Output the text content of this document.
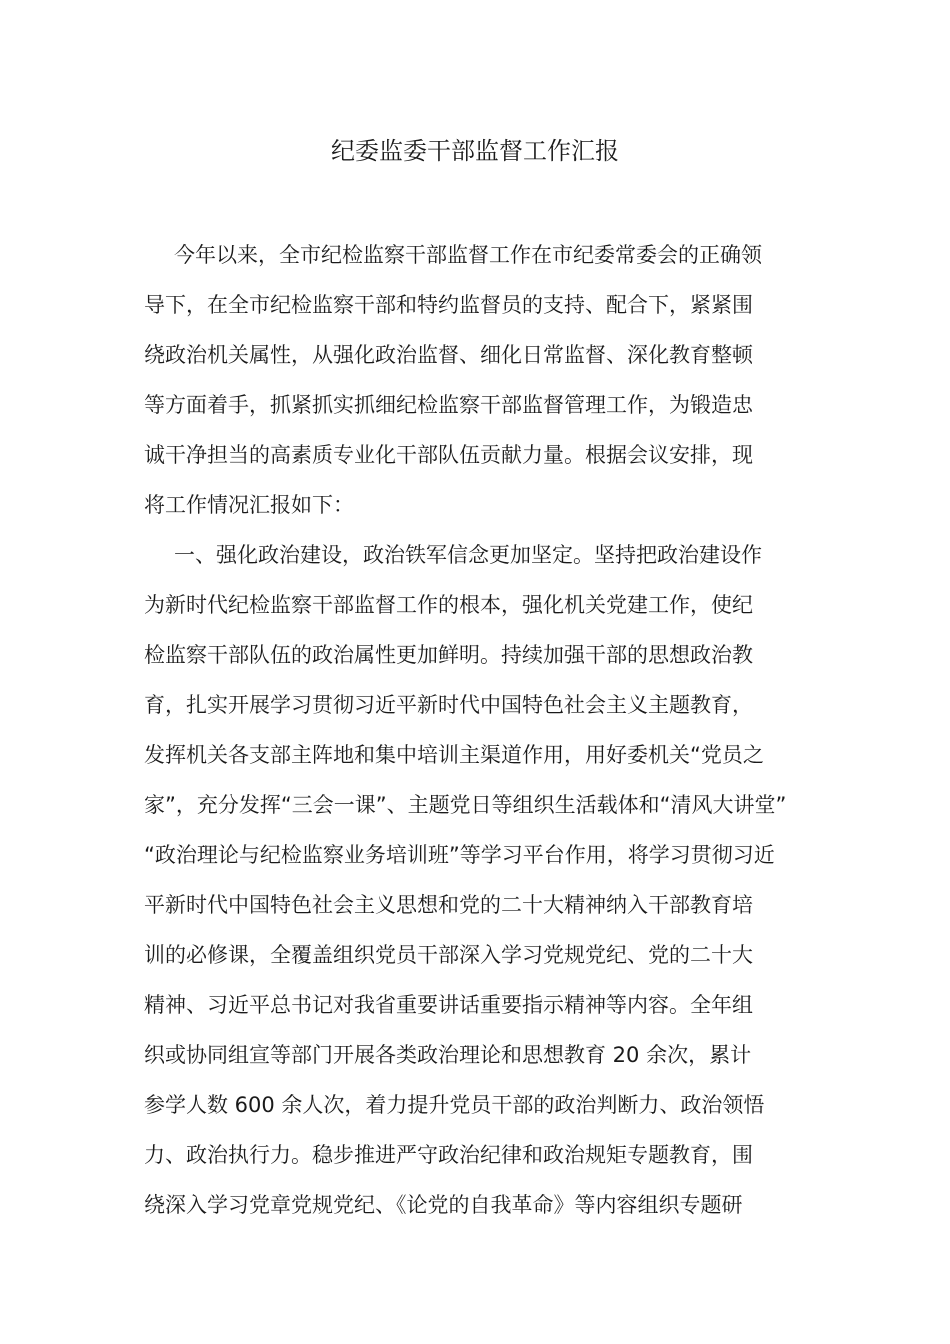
纪委监委干部监督工作汇报
今年以来，全市纪检监察干部监督工作在市纪委常委会的正确领
导下，在全市纪检监察干部和特约监督员的支持、配合下，紧紧围
绕政治机关属性，从强化政治监督、细化日常监督、深化教育整顿
等方面着手，抓紧抓实抓细纪检监察干部监督管理工作，为锻造忠
诚干净担当的高素质专业化干部队伍贡献力量。根据会议安排，现
将工作情况汇报如下：
一、强化政治建设，政治铁军信念更加坚定。坚持把政治建设作
为新时代纪检监察干部监督工作的根本，强化机关党建工作，使纪
检监察干部队伍的政治属性更加鲜明。持续加强干部的思想政治教
育，扎实开展学习贯彻习近平新时代中国特色社会主义主题教育，
发挥机关各支部主阵地和集中培训主渠道作用，用好委机关“党员之
家”，充分发挥“三会一课”、主题党日等组织生活载体和“清风大讲堂”
“政治理论与纪检监察业务培训班”等学习平台作用，将学习贯彻习近
平新时代中国特色社会主义思想和党的二十大精神纳入干部教育培
训的必修课，全覆盖组织党员干部深入学习党规党纪、党的二十大
精神、习近平总书记对我省重要讲话重要指示精神等内容。全年组
织或协同组宣等部门开展各类政治理论和思想教育 20 余次，累计
参学人数 600 余人次，着力提升党员干部的政治判断力、政治领悟
力、政治执行力。稳步推进严守政治纪律和政治规矩专题教育，围
绕深入学习党章党规党纪、《论党的自我革命》等内容组织专题研
